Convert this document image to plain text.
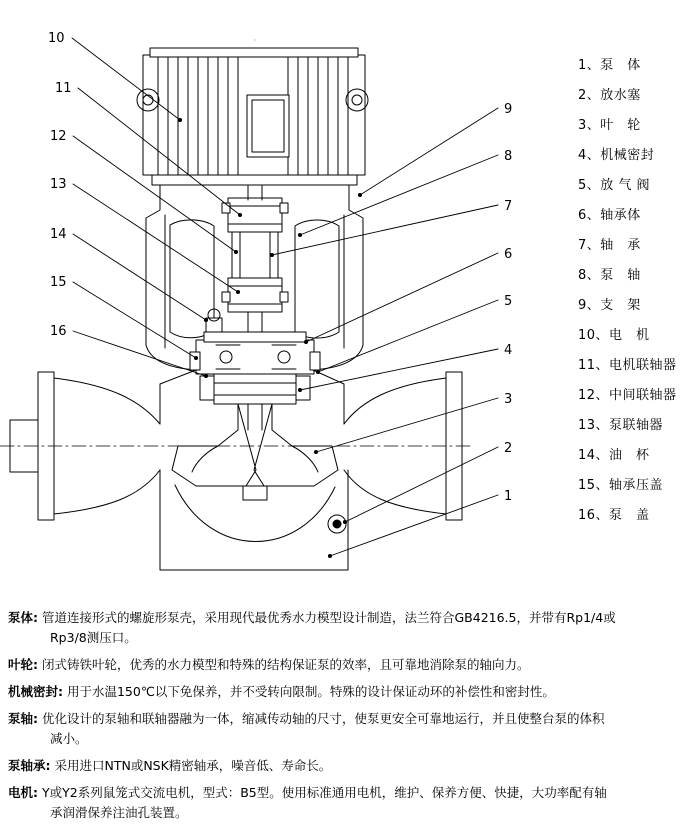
10
11
12
13
14
15
16
9
8
7
6
5
4
3
2
1
1、泵　体
2、放水塞
3、叶　轮
4、机械密封
5、放 气 阀
6、轴承体
7、轴　承
8、泵　轴
9、支　架
10、电　机
11、电机联轴器
12、中间联轴器
13、泵联轴器
14、油　杯
15、轴承压盖
16、泵　盖
泵体: 管道连接形式的螺旋形泵壳，采用现代最优秀水力模型设计制造，法兰符合GB4216.5，并带有Rp1/4或
Rp3/8测压口。
叶轮: 闭式铸铁叶轮，优秀的水力模型和特殊的结构保证泵的效率，且可靠地消除泵的轴向力。
机械密封: 用于水温150℃以下免保养，并不受转向限制。特殊的设计保证动环的补偿性和密封性。
泵轴: 优化设计的泵轴和联轴器融为一体，缩减传动轴的尺寸，使泵更安全可靠地运行，并且使整台泵的体积
减小。
泵轴承: 采用进口NTN或NSK精密轴承，噪音低、寿命长。
电机: Y或Y2系列鼠笼式交流电机，型式：B5型。使用标准通用电机，维护、保养方便、快捷，大功率配有轴
承润滑保养注油孔装置。
